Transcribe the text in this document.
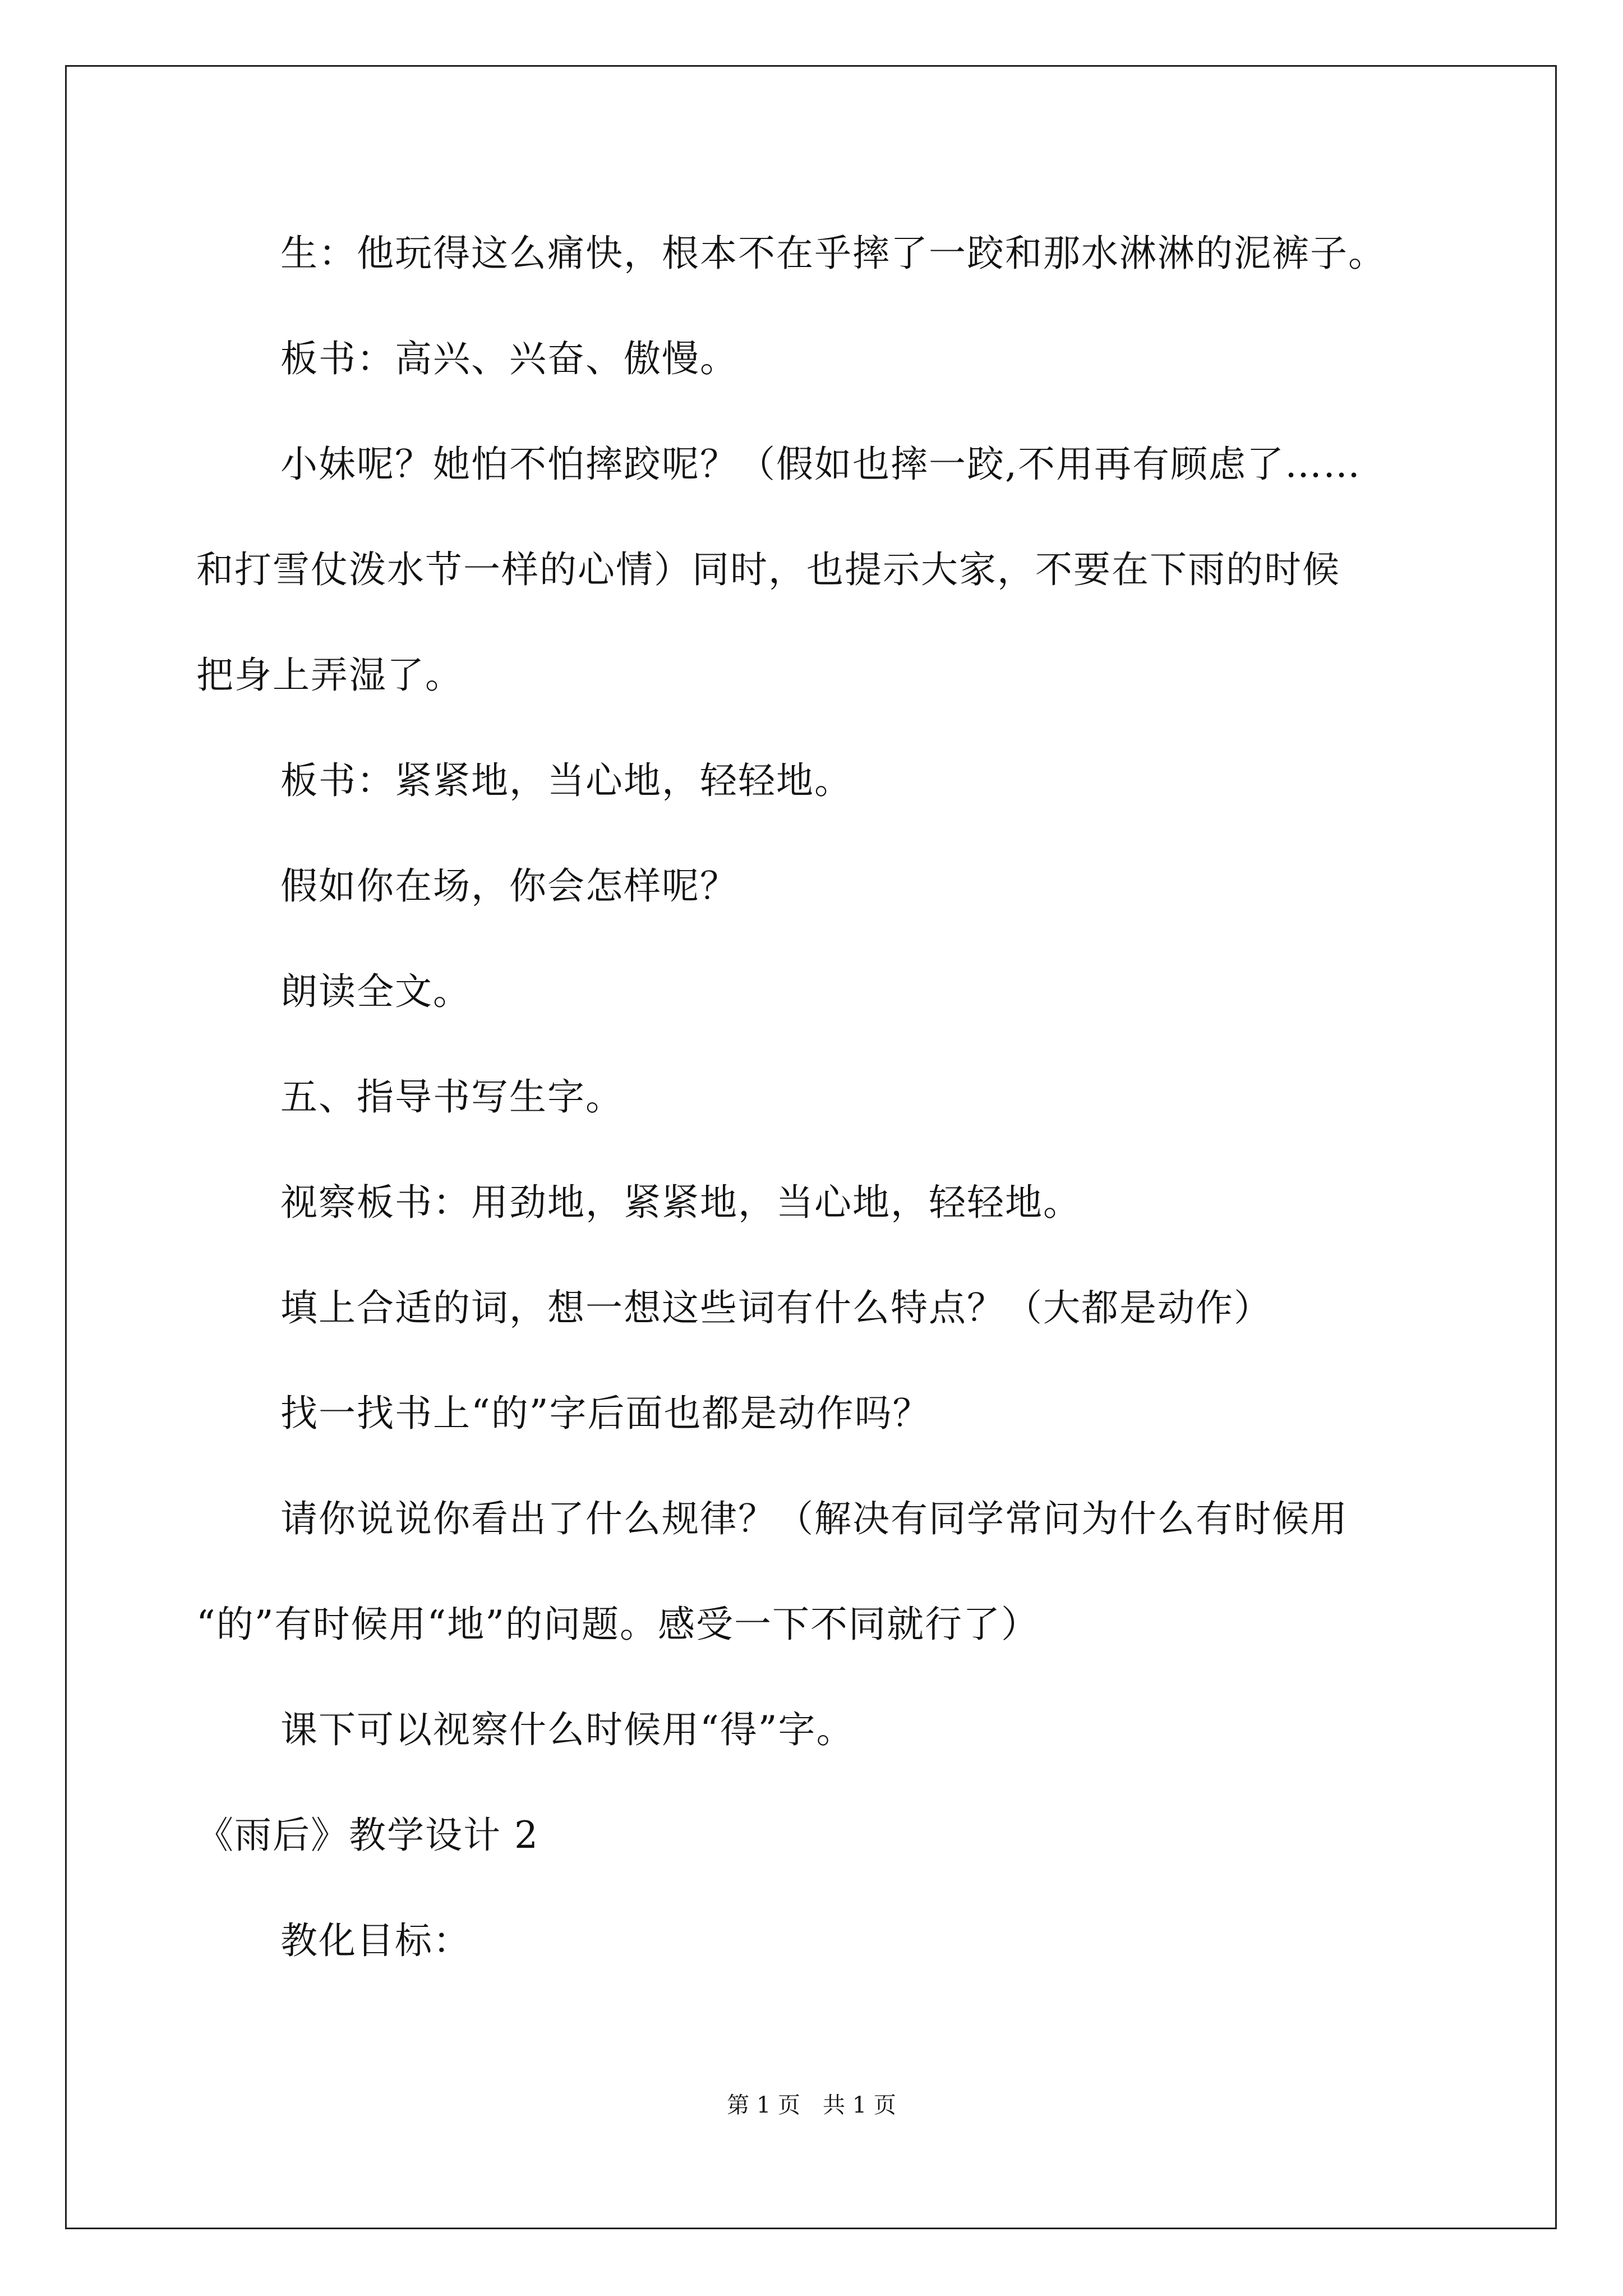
生：他玩得这么痛快，根本不在乎摔了一跤和那水淋淋的泥裤子。
板书：高兴、兴奋、傲慢。
小妹呢？她怕不怕摔跤呢？（假如也摔一跤,不用再有顾虑了……
和打雪仗泼水节一样的心情）同时，也提示大家，不要在下雨的时候
把身上弄湿了。
板书：紧紧地，当心地，轻轻地。
假如你在场，你会怎样呢？
朗读全文。
五、指导书写生字。
视察板书：用劲地，紧紧地，当心地，轻轻地。
填上合适的词，想一想这些词有什么特点？（大都是动作）
找一找书上“的”字后面也都是动作吗？
请你说说你看出了什么规律？（解决有同学常问为什么有时候用
“的”有时候用“地”的问题。感受一下不同就行了）
课下可以视察什么时候用“得”字。
《雨后》教学设计 2
教化目标：
第 1 页　共 1 页
